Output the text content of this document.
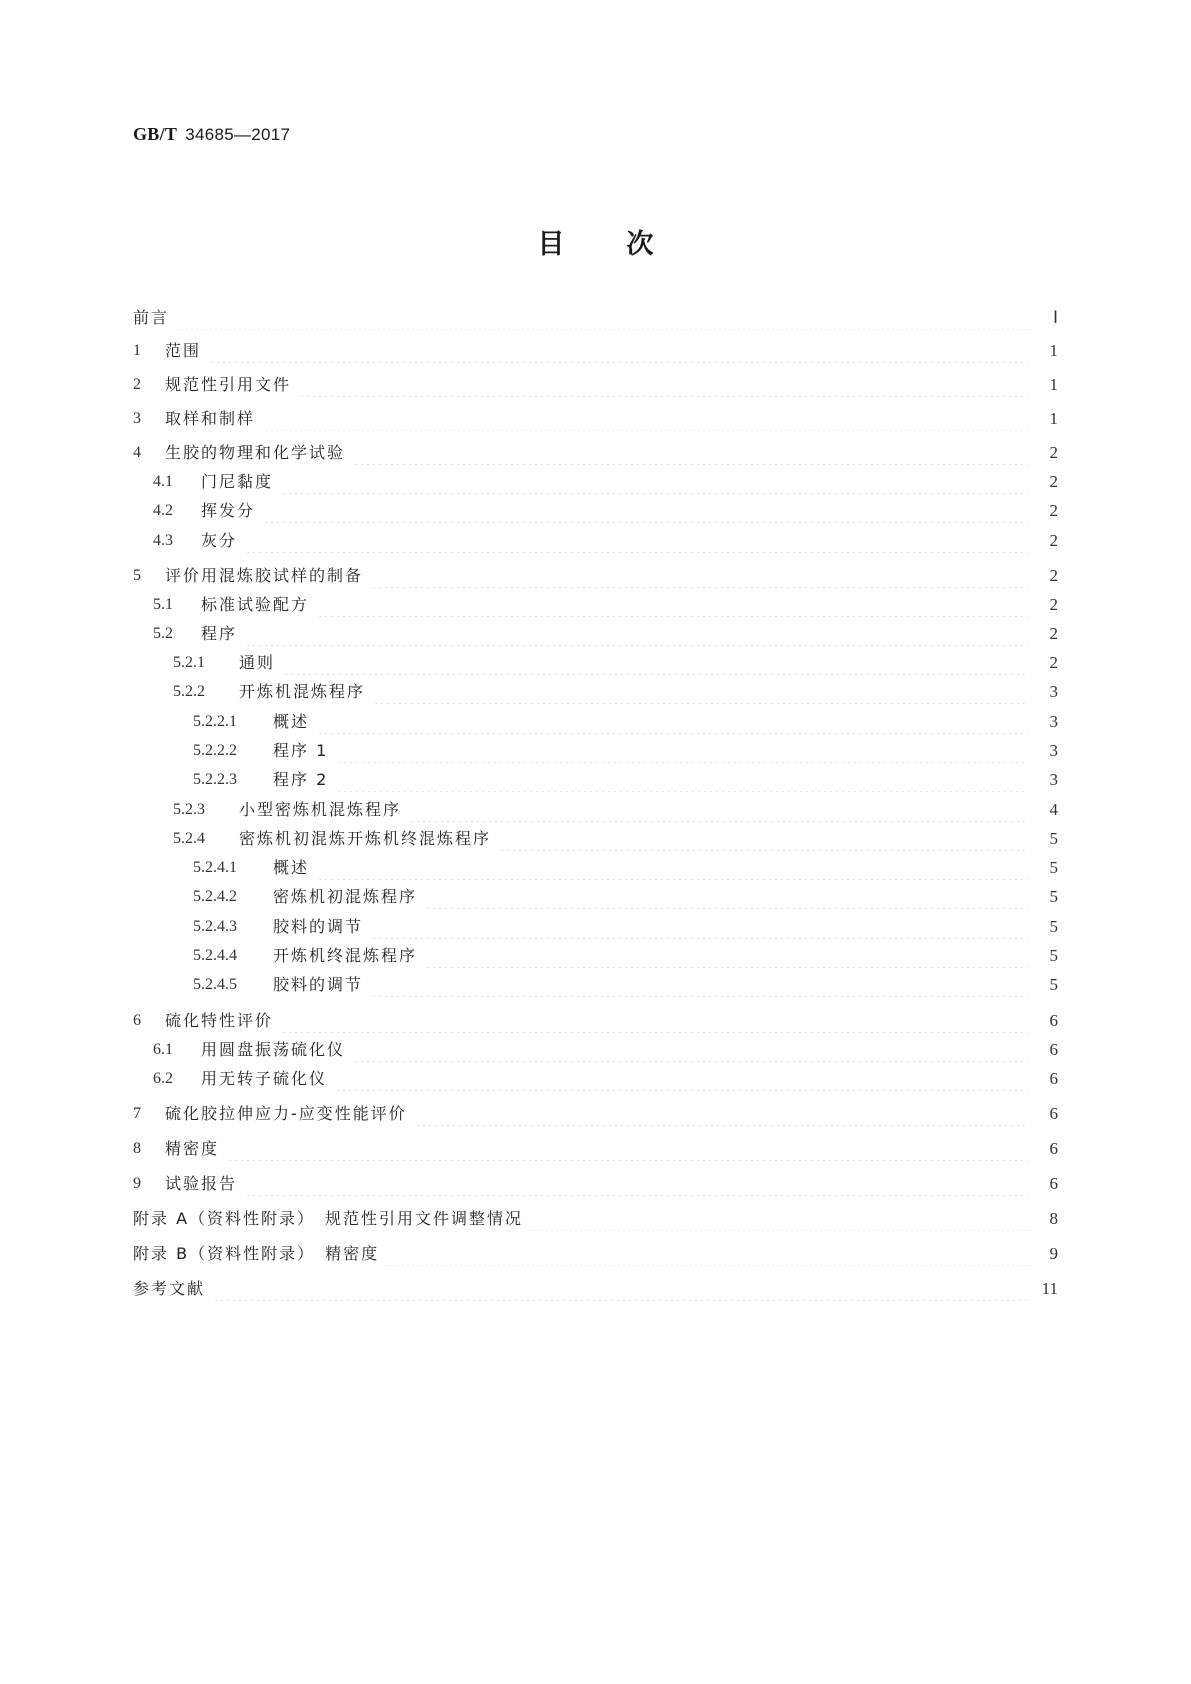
GB/T 34685—2017
目 次
前言	Ⅰ
1	范围	1
2	规范性引用文件	1
3	取样和制样	1
4	生胶的物理和化学试验	2
4.1	门尼黏度	2
4.2	挥发分	2
4.3	灰分	2
5	评价用混炼胶试样的制备	2
5.1	标准试验配方	2
5.2	程序	2
5.2.1	通则	2
5.2.2	开炼机混炼程序	3
5.2.2.1	概述	3
5.2.2.2	程序 1	3
5.2.2.3	程序 2	3
5.2.3	小型密炼机混炼程序	4
5.2.4	密炼机初混炼开炼机终混炼程序	5
5.2.4.1	概述	5
5.2.4.2	密炼机初混炼程序	5
5.2.4.3	胶料的调节	5
5.2.4.4	开炼机终混炼程序	5
5.2.4.5	胶料的调节	5
6	硫化特性评价	6
6.1	用圆盘振荡硫化仪	6
6.2	用无转子硫化仪	6
7	硫化胶拉伸应力-应变性能评价	6
8	精密度	6
9	试验报告	6
附录 A（资料性附录）　规范性引用文件调整情况	8
附录 B（资料性附录）　精密度	9
参考文献	11
